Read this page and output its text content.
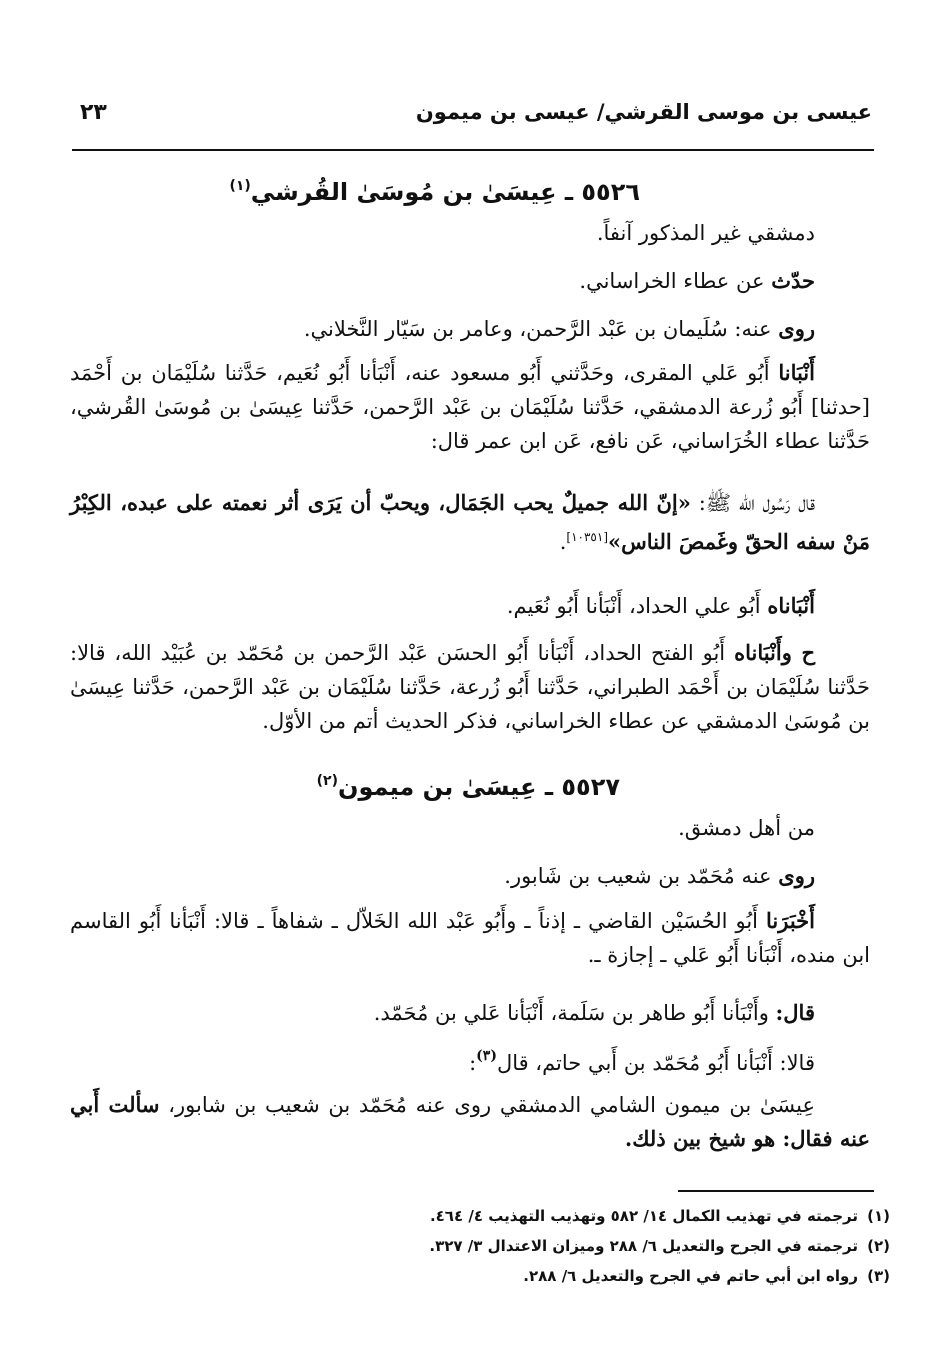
عيسى بن موسى القرشي/ عيسى بن ميمون
٢٣
٥٥٢٦ ـ عِيسَىٰ بن مُوسَىٰ القُرشي$^{(١)}$
دمشقي غير المذكور آنفاً.
حدّث عن عطاء الخراساني.
روى عنه: سُلَيمان بن عَبْد الرَّحمن، وعامر بن سَيّار النَّخلاني.
أَنْبَانا أَبُو عَلي المقرى، وحَدَّثني أَبُو مسعود عنه، أَنْبَأنا أَبُو نُعَيم، حَدَّثنا سُلَيْمَان بن أَحْمَد [حدثنا] أَبُو زُرعة الدمشقي، حَدَّثنا سُلَيْمَان بن عَبْد الرَّحمن، حَدَّثنا عِيسَىٰ بن مُوسَىٰ القُرشي، حَدَّثنا عطاء الخُرَاساني، عَن نافع، عَن ابن عمر قال:
قال رَسُول الله ﷺ: «إنّ الله جميلٌ يحب الجَمَال، ويحبّ أن يَرَى أثر نعمته على عبده، الكِبْرُ مَنْ سفه الحقّ وغَمصَ الناس»[١٠٣٥١].
أَنْبَاناه أَبُو علي الحداد، أَنْبَأنا أَبُو نُعَيم.
ح وأَنْبَاناه أَبُو الفتح الحداد، أَنْبَأنا أَبُو الحسَن عَبْد الرَّحمن بن مُحَمّد بن عُبَيْد الله، قالا: حَدَّثنا سُلَيْمَان بن أَحْمَد الطبراني، حَدَّثنا أَبُو زُرعة، حَدَّثنا سُلَيْمَان بن عَبْد الرَّحمن، حَدَّثنا عِيسَىٰ بن مُوسَىٰ الدمشقي عن عطاء الخراساني، فذكر الحديث أتم من الأوّل.
٥٥٢٧ ـ عِيسَىٰ بن ميمون$^{(٢)}$
من أهل دمشق.
روى عنه مُحَمّد بن شعيب بن شَابور.
أَخْبَرَنا أَبُو الحُسَيْن القاضي ـ إذناً ـ وأَبُو عَبْد الله الخَلاّل ـ شفاهاً ـ قالا: أَنْبَأنا أَبُو القاسم ابن منده، أَنْبَأنا أَبُو عَلي ـ إجازة ـ.
قال: وأَنْبَأنا أَبُو طاهر بن سَلَمة، أَنْبَأنا عَلي بن مُحَمّد.
قالا: أَنْبَأنا أَبُو مُحَمّد بن أَبي حاتم، قال$^{(٣)}$:
عِيسَىٰ بن ميمون الشامي الدمشقي روى عنه مُحَمّد بن شعيب بن شابور، سألت أَبي عنه فقال: هو شيخ بين ذلك.
(١)ترجمته في تهذيب الكمال ١٤/ ٥٨٢ وتهذيب التهذيب ٤/ ٤٦٤.
(٢)ترجمته في الجرح والتعديل ٦/ ٢٨٨ وميزان الاعتدال ٣/ ٣٢٧.
(٣)رواه ابن أبي حاتم في الجرح والتعديل ٦/ ٢٨٨.
